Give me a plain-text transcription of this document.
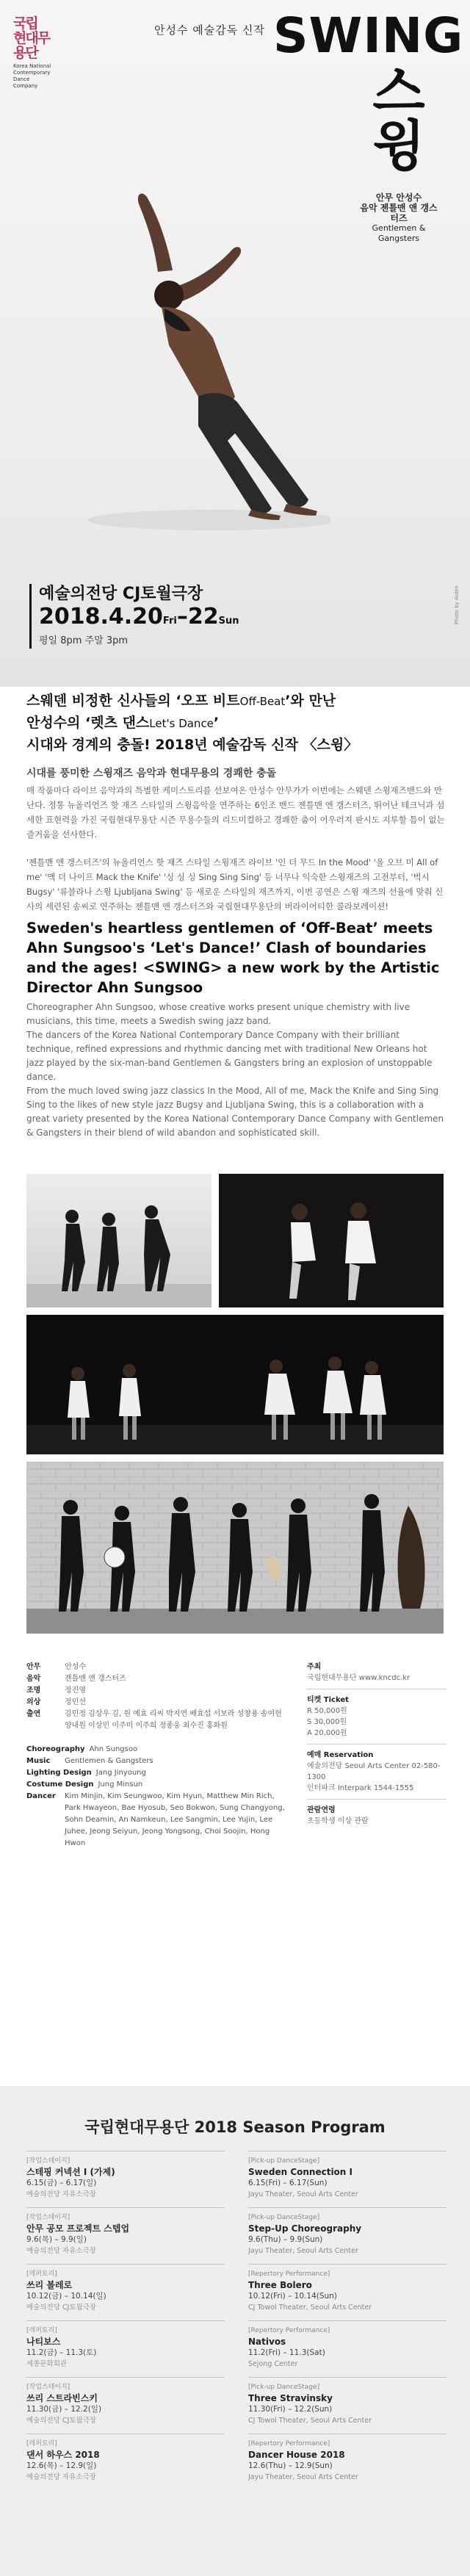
국립
현대무
용단
Korea National
Contemporary Dance
Company
안성수 예술감독 신작 SWING
스윙
안무 안성수
음악 젠틀맨 앤 갱스터즈
Gentlemen & Gangsters
Photo by Aiden
예술의전당 CJ토월극장
2018.4.20Fri–22Sun
평일 8pm 주말 3pm
스웨덴 비정한 신사들의 ‘오프 비트Off-Beat’와 만난
안성수의 ‘렛츠 댄스Let's Dance’
시대와 경계의 충돌! 2018년 예술감독 신작 〈스윙〉
시대를 풍미한 스윙재즈 음악과 현대무용의 경쾌한 충돌

매 작품마다 라이브 음악과의 특별한 케미스트리를 선보여온 안성수 안무가가 이번에는 스웨덴 스윙재즈밴드와 만난다. 정통 뉴올리언즈 핫 재즈 스타일의 스윙음악을 연주하는 6인조 밴드 젠틀맨 앤 갱스터즈, 뛰어난 테크닉과 섬세한 표현력을 가진 국립현대무용단 시즌 무용수들의 리드미컬하고 경쾌한 춤이 어우러져 판시도 지루할 틈이 없는 즐거움을 선사한다.

'젠틀맨 앤 갱스터즈'의 뉴올리언스 핫 재즈 스타일 스윙재즈 라이브 '인 더 무드 In the Mood' '올 오브 미 All of me' '맥 더 나이프 Mack the Knife' '싱 싱 싱 Sing Sing Sing' 등 너무나 익숙한 스윙재즈의 고전부터, '벅시 Bugsy' '류블라나 스윙 Ljubljana Swing' 등 새로운 스타일의 재즈까지, 이번 공연은 스윙 재즈의 선율에 맞춰 신사의 세련된 송씨로 연주하는 젠틀맨 앤 갱스터즈와 국립현대무용단의 버라이어티한 콜라보레이션!

Sweden's heartless gentlemen of ‘Off-Beat’ meets Ahn Sungsoo's ‘Let's Dance!’ Clash of boundaries and the ages! <SWING> a new work by the Artistic Director Ahn Sungsoo

Choreographer Ahn Sungsoo, whose creative works present unique chemistry with live musicians, this time, meets a Swedish swing jazz band.

The dancers of the Korea National Contemporary Dance Company with their brilliant technique, refined expressions and rhythmic dancing met with traditional New Orleans hot jazz played by the six-man-band Gentlemen & Gangsters bring an explosion of unstoppable dance.

From the much loved swing jazz classics In the Mood, All of me, Mack the Knife and Sing Sing Sing to the likes of new style jazz Bugsy and Ljubljana Swing, this is a collaboration with a great variety presented by the Korea National Contemporary Dance Company with Gentlemen & Gangsters in their blend of wild abandon and sophisticated skill.

안무	안성수
음악	젠틀맨 앤 갱스터즈
조명	정진영
의상	정민선
출연	김민정 김상우 김, 원 예효 리씨 박지연 배효섭 서보라 성창용 송여헌 양내원 이상민 이주미 이주희 정종웅 최수진 홍화원
Choreography Ahn Sungsoo
Music	Gentlemen & Gangsters
Lighting Design Jang Jinyoung
Costume Design Jung Minsun
Dancer	Kim Minjin, Kim Seungwoo, Kim Hyun, Matthew Min Rich, Park Hwayeon, Bae Hyosub, Seo Bokwon, Sung Changyong, Sohn Deamin, An Namkeun, Lee Sangmin, Lee Yujin, Lee Juhee, Jeong Seiyun, Jeong Yongsong, Choi Soojin, Hong Hwon
주최
국립현대무용단 www.kncdc.kr
티켓 Ticket
R 50,000원
S 30,000원
A 20,000원
예매 Reservation
예술의전당 Seoul Arts Center 02-580-1300
인터파크 Interpark 1544-1555
관람연령
초등학생 이상 관람
국립현대무용단 2018 Season Program
[작업스테이지]
스테핑 커넥션 Ⅰ (가제)
6.15(금) – 6.17(일)
예술의전당 자유소극장
[작업스테이지]
안무 공모 프로젝트 스텝업
9.6(목) – 9.9(일)
예술의전당 자유소극장
[레퍼토리]
쓰리 볼레로
10.12(금) – 10.14(일)
예술의전당 CJ토월극장
[레퍼토리]
나티보스
11.2(금) – 11.3(토)
세종문화회관
[작업스테이지]
쓰리 스트라빈스키
11.30(금) – 12.2(일)
예술의전당 CJ토월극장
[레퍼토리]
댄서 하우스 2018
12.6(목) – 12.9(일)
예술의전당 자유소극장
[Pick-up DanceStage]
Sweden Connection Ⅰ
6.15(Fri) – 6.17(Sun)
Jayu Theater, Seoul Arts Center
[Pick-up DanceStage]
Step-Up Choreography
9.6(Thu) – 9.9(Sun)
Jayu Theater, Seoul Arts Center
[Repertory Performance]
Three Bolero
10.12(Fri) – 10.14(Sun)
CJ Towol Theater, Seoul Arts Center
[Repertory Performance]
Nativos
11.2(Fri) – 11.3(Sat)
Sejong Center
[Pick-up DanceStage]
Three Stravinsky
11.30(Fri) – 12.2(Sun)
CJ Towol Theater, Seoul Arts Center
[Repertory Performance]
Dancer House 2018
12.6(Thu) – 12.9(Sun)
Jayu Theater, Seoul Arts Center
